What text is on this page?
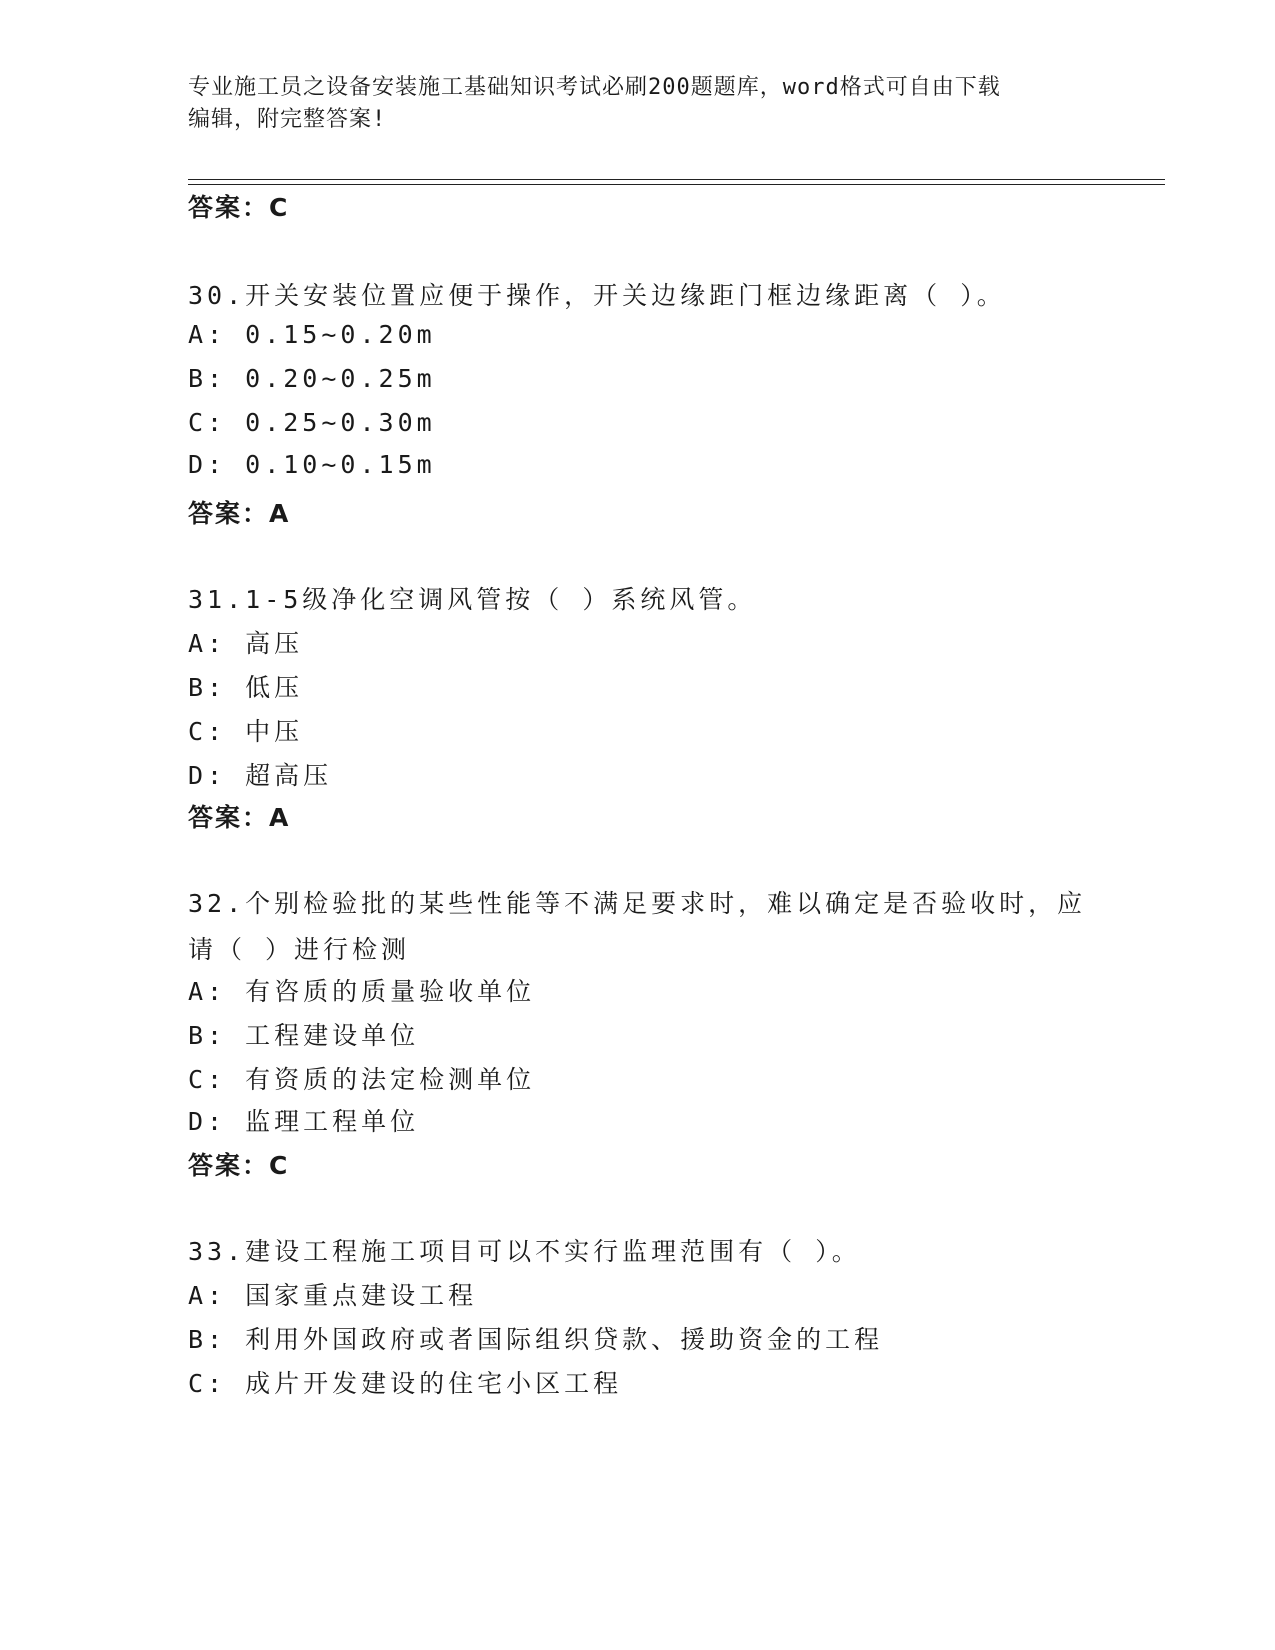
专业施工员之设备安装施工基础知识考试必刷200题题库，word格式可自由下载
编辑，附完整答案!
答案：C
30.开关安装位置应便于操作，开关边缘距门框边缘距离（ ）。
A: 0.15~0.20m
B: 0.20~0.25m
C: 0.25~0.30m
D: 0.10~0.15m
答案：A
31.1-5级净化空调风管按（ ）系统风管。
A: 高压
B: 低压
C: 中压
D: 超高压
答案：A
32.个别检验批的某些性能等不满足要求时，难以确定是否验收时，应
请（ ）进行检测
A: 有咨质的质量验收单位
B: 工程建设单位
C: 有资质的法定检测单位
D: 监理工程单位
答案：C
33.建设工程施工项目可以不实行监理范围有（ ）。
A: 国家重点建设工程
B: 利用外国政府或者国际组织贷款、援助资金的工程
C: 成片开发建设的住宅小区工程
